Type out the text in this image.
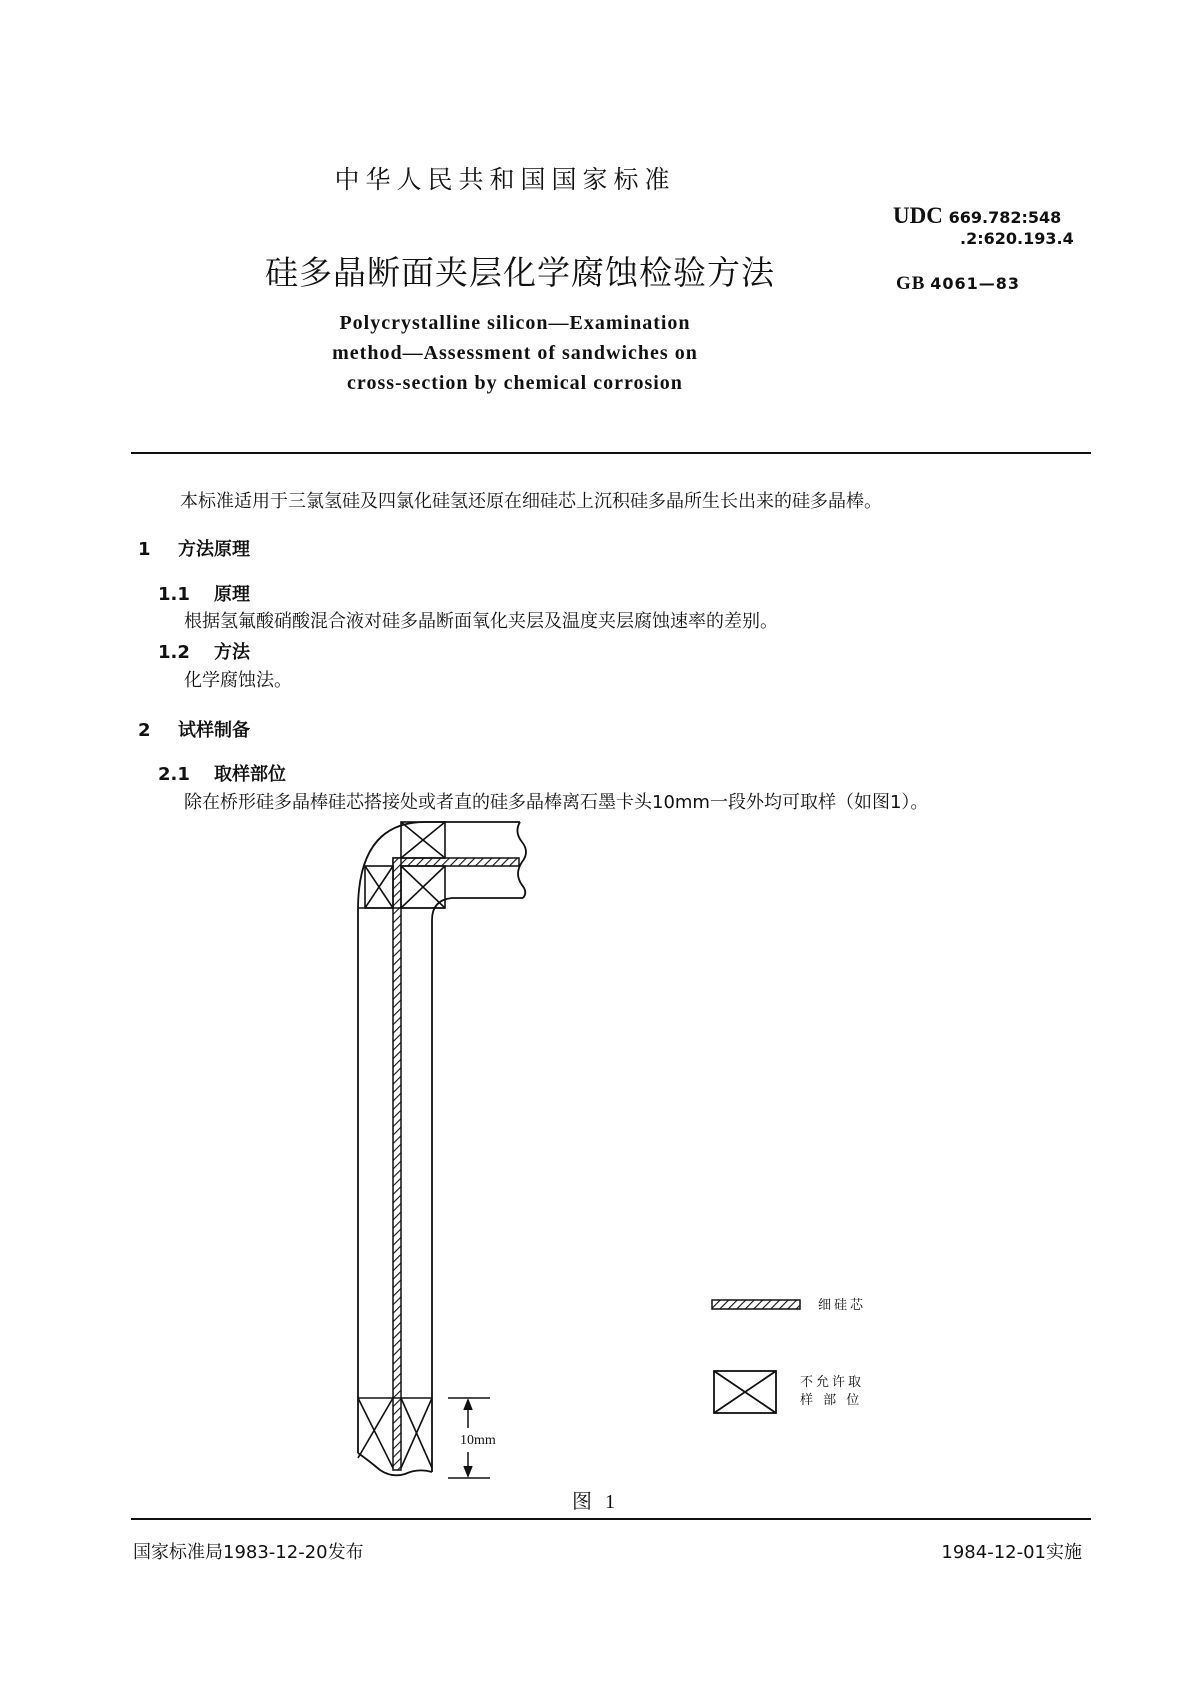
中华人民共和国国家标准
UDC 669.782:548
.2:620.193.4
硅多晶断面夹层化学腐蚀检验方法	GB 4061—83
Polycrystalline silicon—Examination
method—Assessment of sandwiches on
cross-section by chemical corrosion
本标准适用于三氯氢硅及四氯化硅氢还原在细硅芯上沉积硅多晶所生长出来的硅多晶棒。
1 方法原理
1.1 原理
根据氢氟酸硝酸混合液对硅多晶断面氧化夹层及温度夹层腐蚀速率的差别。
1.2 方法
化学腐蚀法。
2 试样制备
2.1 取样部位
除在桥形硅多晶棒硅芯搭接处或者直的硅多晶棒离石墨卡头10mm一段外均可取样（如图1）。
10mm
细硅芯
不允许取
样 部 位
图 1
国家标准局1983-12-20发布	1984-12-01实施
